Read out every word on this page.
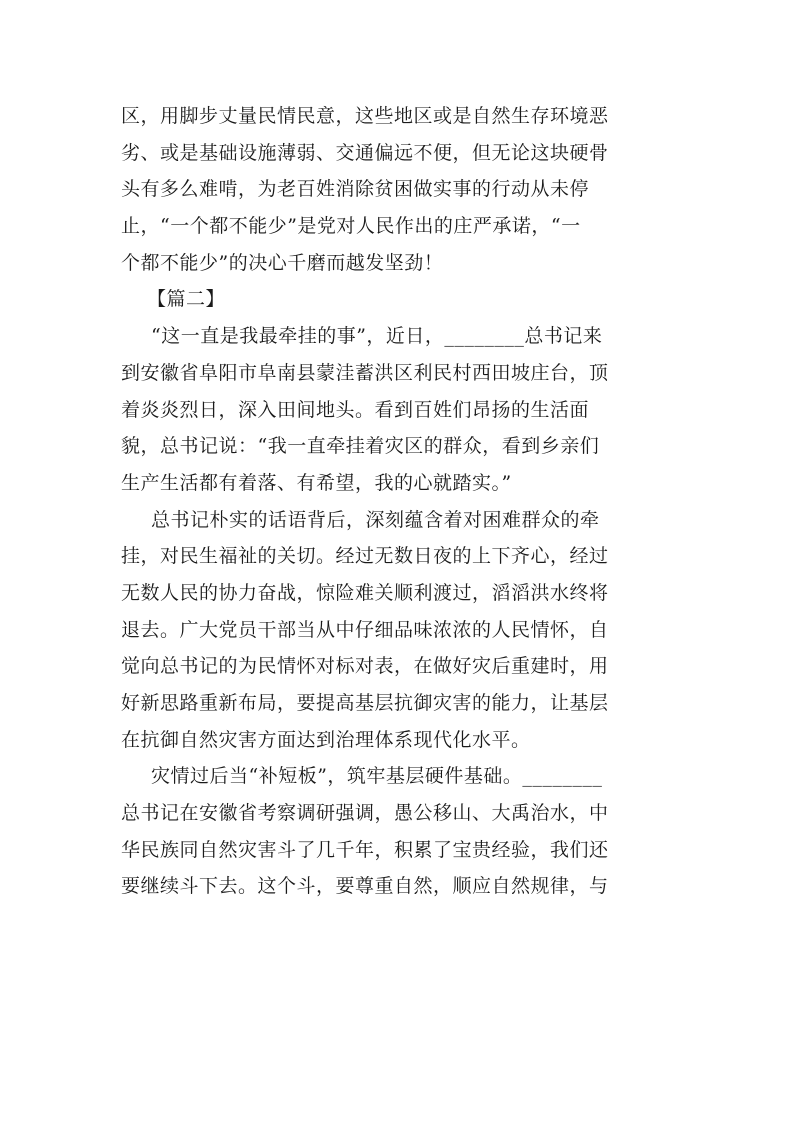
区，用脚步丈量民情民意，这些地区或是自然生存环境恶
劣、或是基础设施薄弱、交通偏远不便，但无论这块硬骨
头有多么难啃，为老百姓消除贫困做实事的行动从未停
止，“一个都不能少”是党对人民作出的庄严承诺，“一
个都不能少”的决心千磨而越发坚劲！
【篇二】
“这一直是我最牵挂的事”，近日，________总书记来
到安徽省阜阳市阜南县蒙洼蓄洪区利民村西田坡庄台，顶
着炎炎烈日，深入田间地头。看到百姓们昂扬的生活面
貌，总书记说：“我一直牵挂着灾区的群众，看到乡亲们
生产生活都有着落、有希望，我的心就踏实。”
总书记朴实的话语背后，深刻蕴含着对困难群众的牵
挂，对民生福祉的关切。经过无数日夜的上下齐心，经过
无数人民的协力奋战，惊险难关顺利渡过，滔滔洪水终将
退去。广大党员干部当从中仔细品味浓浓的人民情怀，自
觉向总书记的为民情怀对标对表，在做好灾后重建时，用
好新思路重新布局，要提高基层抗御灾害的能力，让基层
在抗御自然灾害方面达到治理体系现代化水平。
灾情过后当“补短板”，筑牢基层硬件基础。________
总书记在安徽省考察调研强调，愚公移山、大禹治水，中
华民族同自然灾害斗了几千年，积累了宝贵经验，我们还
要继续斗下去。这个斗，要尊重自然，顺应自然规律，与
